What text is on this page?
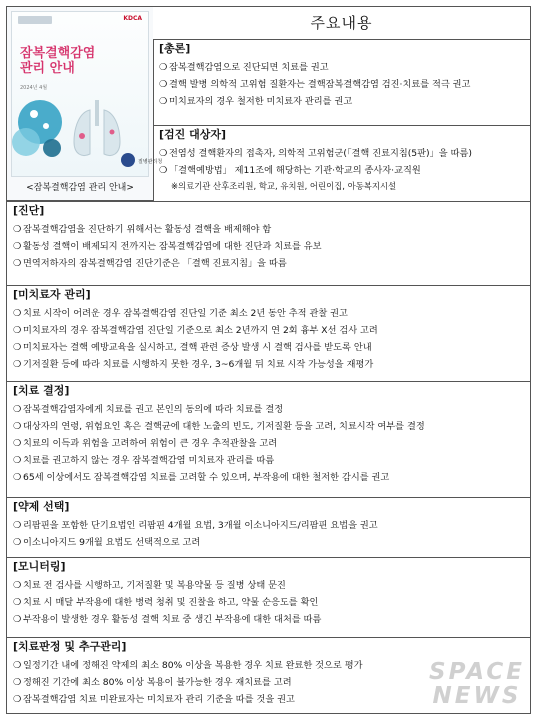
KDCA
잠복결핵감염
관리 안내
2024년 4월
질병관리청
<잠복결핵감염 관리 안내>
주요내용
[총론]
❍ 잠복결핵감염으로 진단되면 치료를 권고
❍ 결핵 발병 의학적 고위험 질환자는 결핵잠복결핵감염 검진·치료를 적극 권고
❍ 미치료자의 경우 철저한 미치료자 관리를 권고
[검진 대상자]
❍ 전염성 결핵환자의 접촉자, 의학적 고위험군(「결핵 진료지침(5판)」을 따름)
❍ 「결핵예방법」 제11조에 해당하는 기관·학교의 종사자·교직원
※의료기관 산후조리원, 학교, 유치원, 어린이집, 아동복지시설
[진단]
❍ 잠복결핵감염을 진단하기 위해서는 활동성 결핵을 배제해야 함
❍ 활동성 결핵이 배제되지 전까지는 잠복결핵감염에 대한 진단과 치료를 유보
❍ 면역저하자의 잠복결핵감염 진단기준은 「결핵 진료지침」을 따름
[미치료자 관리]
❍ 치료 시작이 어려운 경우 잠복결핵감염 진단일 기준 최소 2년 동안 추적 관찰 권고
❍ 미치료자의 경우 잠복결핵감염 진단일 기준으로 최소 2년까지 연 2회 흉부 X선 검사 고려
❍ 미치료자는 결핵 예방교육을 실시하고, 결핵 관련 증상 발생 시 결핵 검사를 받도록 안내
❍ 기저질환 등에 따라 치료를 시행하지 못한 경우, 3~6개월 뒤 치료 시작 가능성을 재평가
[치료 결정]
❍ 잠복결핵감염자에게 치료를 권고 본인의 동의에 따라 치료를 결정
❍ 대상자의 연령, 위험요인 혹은 결핵균에 대한 노출의 빈도, 기저질환 등을 고려, 치료시작 여부를 결정
❍ 치료의 이득과 위험을 고려하여 위험이 큰 경우 추적관찰을 고려
❍ 치료를 권고하지 않는 경우 잠복결핵감염 미치료자 관리를 따름
❍ 65세 이상에서도 잠복결핵감염 치료를 고려할 수 있으며, 부작용에 대한 철저한 감시를 권고
[약제 선택]
❍ 리팜핀을 포함한 단기요법인 리팜핀 4개월 요법, 3개월 이소니아지드/리팜핀 요법을 권고
❍ 이소니아지드 9개월 요법도 선택적으로 고려
[모니터링]
❍ 치료 전 검사를 시행하고, 기저질환 및 복용약물 등 질병 상태 문진
❍ 치료 시 매달 부작용에 대한 병력 청취 및 진찰을 하고, 약물 순응도를 확인
❍ 부작용이 발생한 경우 활동성 결핵 치료 중 생긴 부작용에 대한 대처를 따름
[치료판정 및 추구관리]
❍ 일정기간 내에 정해진 약제의 최소 80% 이상을 복용한 경우 치료 완료한 것으로 평가
❍ 정해진 기간에 최소 80% 이상 복용이 불가능한 경우 재치료를 고려
❍ 잠복결핵감염 치료 미완료자는 미치료자 관리 기준을 따를 것을 권고
SPACE
NEWS
